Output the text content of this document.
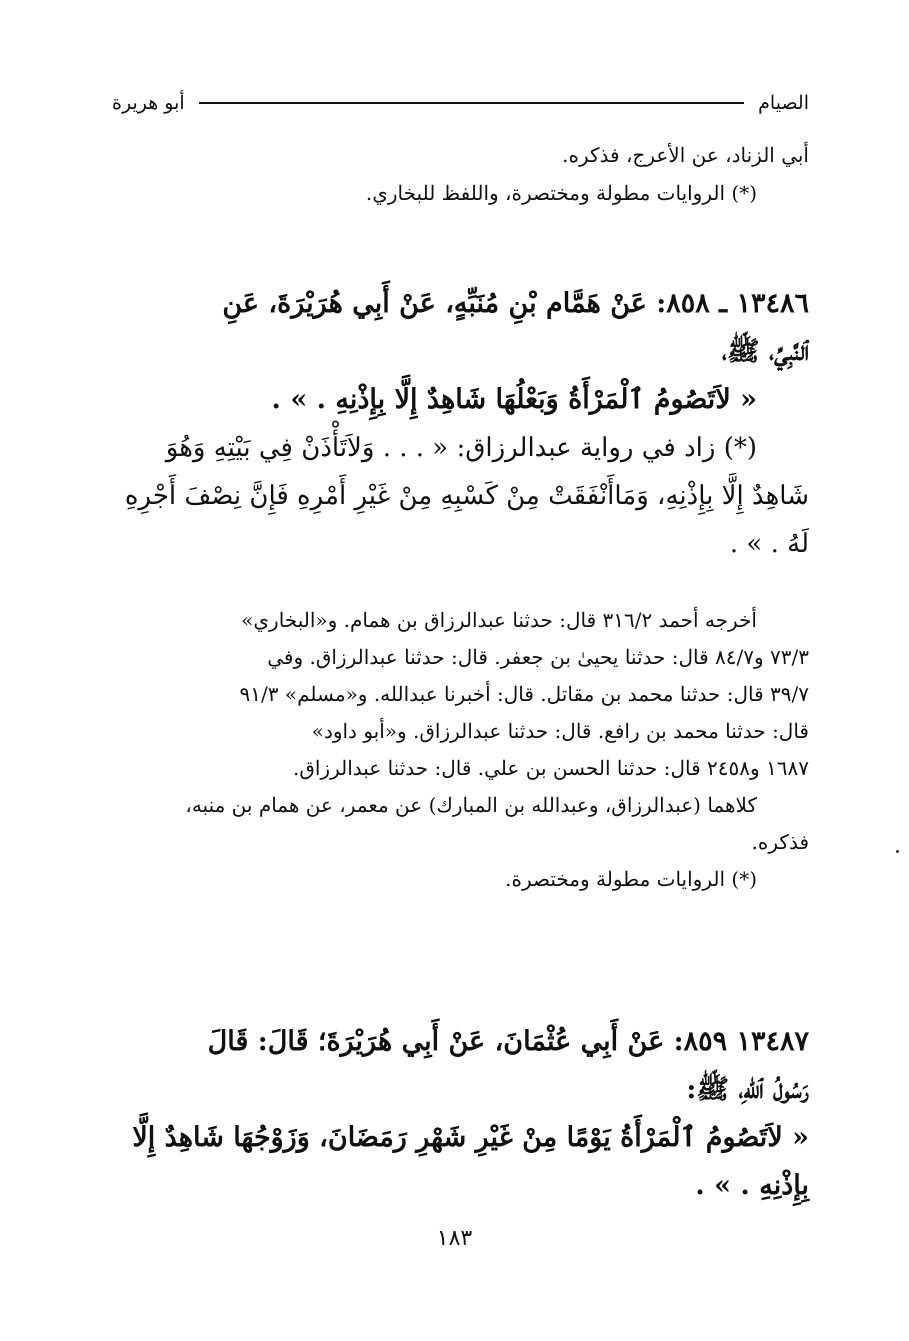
الصيام
أبو هريرة

أبي الزناد، عن الأعرج، فذكره.

(*) الروايات مطولة ومختصرة، واللفظ للبخاري.

١٣٤٨٦ ـ ٨٥٨: عَنْ هَمَّام بْنِ مُنَبِّهٍ، عَنْ أَبِي هُرَيْرَةَ، عَنِ

ٱلنَّبِيِّ، ﷺ،

« لاَتَصُومُ ٱلْمَرْأَةُ وَبَعْلُهَا شَاهِدٌ إِلَّا بِإِذْنِهِ . » .

(*) زاد في رواية عبدالرزاق: « . . . وَلاَتَأْذَنْ فِي بَيْتِهِ وَهُوَ

شَاهِدٌ إِلَّا بِإِذْنِهِ، وَمَاأَنْفَقَتْ مِنْ كَسْبِهِ مِنْ غَيْرِ أَمْرِهِ فَإِنَّ نِصْفَ أَجْرِهِ

لَهُ . » .

أخرجه أحمد ٣١٦/٢ قال: حدثنا عبدالرزاق بن همام. و«البخاري»

٧٣/٣ و٨٤/٧ قال: حدثنا يحيىٰ بن جعفر. قال: حدثنا عبدالرزاق. وفي

٣٩/٧ قال: حدثنا محمد بن مقاتل. قال: أخبرنا عبدالله. و«مسلم» ٩١/٣

قال: حدثنا محمد بن رافع. قال: حدثنا عبدالرزاق. و«أبو داود»

١٦٨٧ و٢٤٥٨ قال: حدثنا الحسن بن علي. قال: حدثنا عبدالرزاق.

كلاهما (عبدالرزاق، وعبدالله بن المبارك) عن معمر، عن همام بن منبه،

فذكره.

(*) الروايات مطولة ومختصرة.

١٣٤٨٧ ٨٥٩: عَنْ أَبِي عُثْمَانَ، عَنْ أَبِي هُرَيْرَةَ؛ قَالَ: قَالَ

رَسُولُ ٱللهِ، ﷺ:

« لاَتَصُومُ ٱلْمَرْأَةُ يَوْمًا مِنْ غَيْرِ شَهْرِ رَمَضَانَ، وَزَوْجُهَا شَاهِدٌ إِلَّا

بِإِذْنِهِ . » .

١٨٣
